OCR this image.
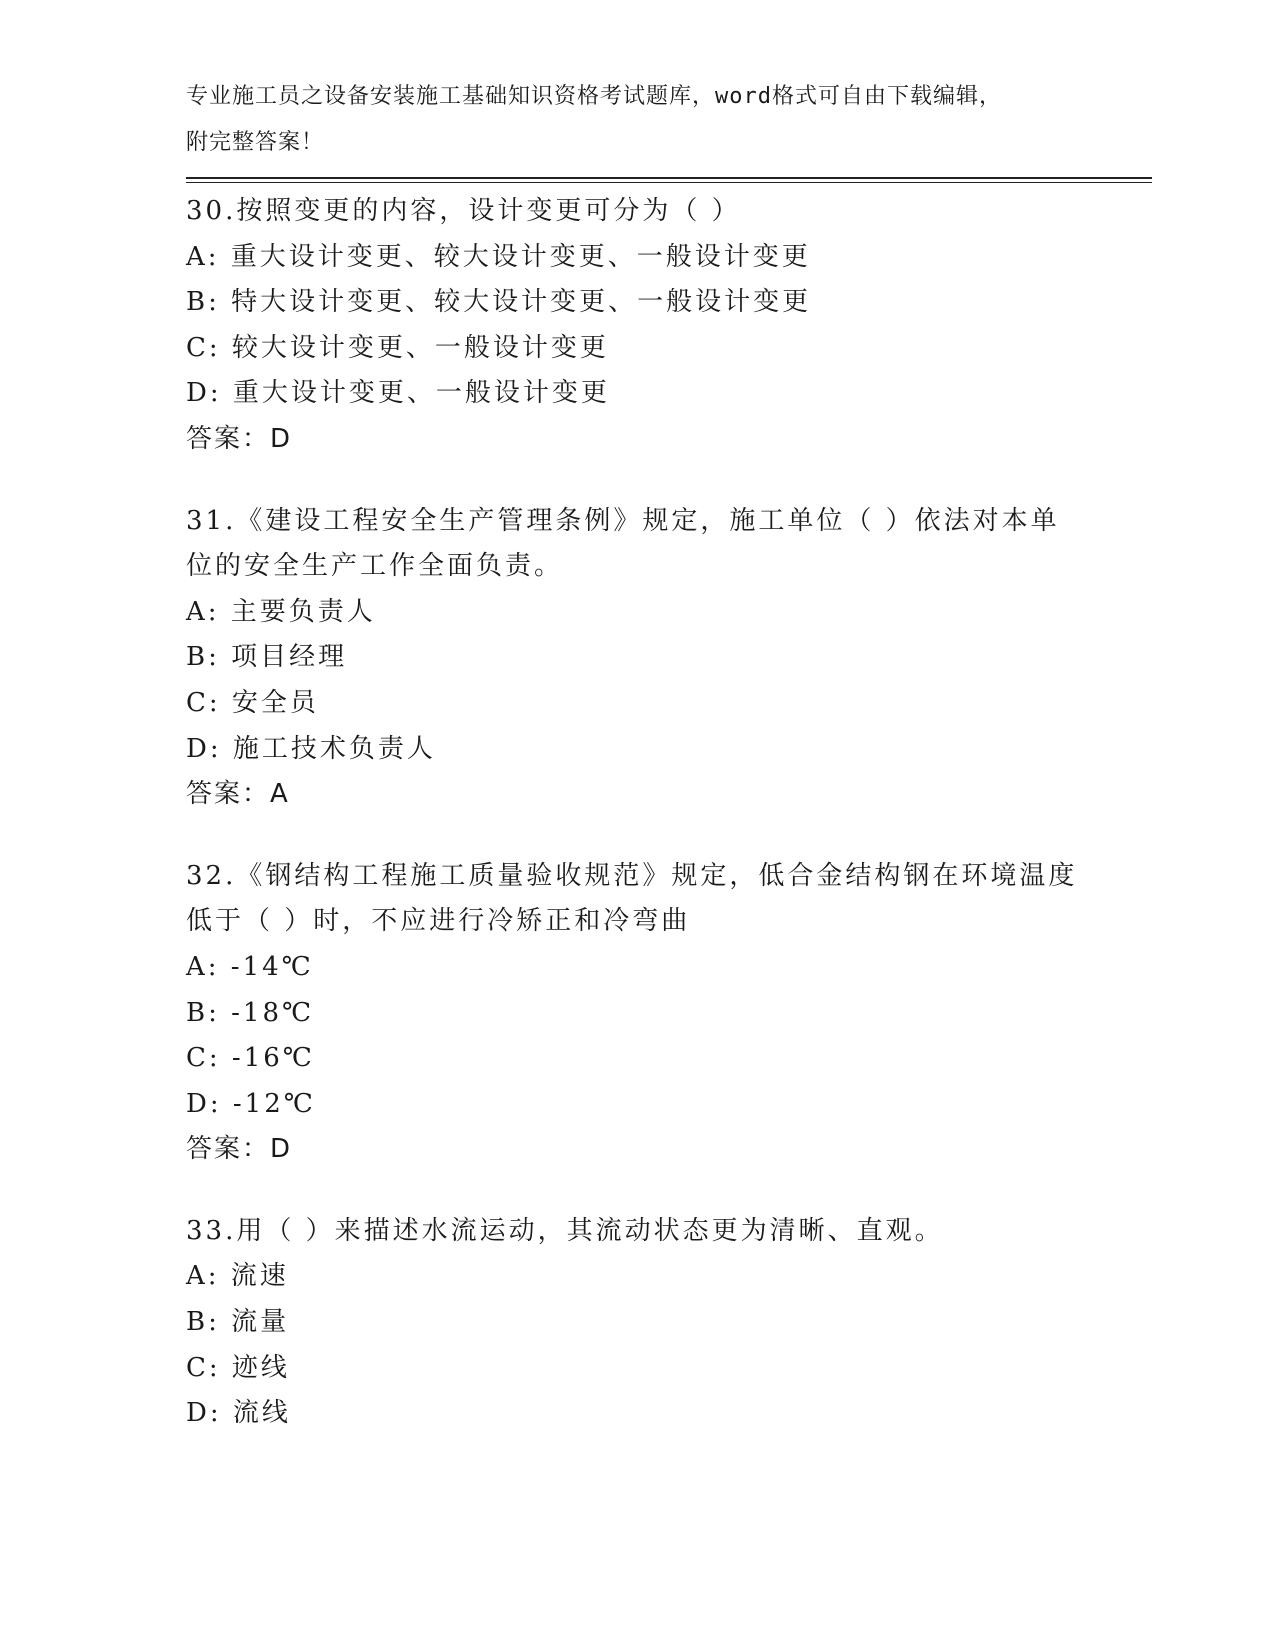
专业施工员之设备安装施工基础知识资格考试题库，word格式可自由下载编辑，
附完整答案！
30.按照变更的内容，设计变更可分为（ ）
A: 重大设计变更、较大设计变更、一般设计变更
B: 特大设计变更、较大设计变更、一般设计变更
C: 较大设计变更、一般设计变更
D: 重大设计变更、一般设计变更
答案：D
31.《建设工程安全生产管理条例》规定，施工单位（ ）依法对本单
位的安全生产工作全面负责。
A: 主要负责人
B: 项目经理
C: 安全员
D: 施工技术负责人
答案：A
32.《钢结构工程施工质量验收规范》规定，低合金结构钢在环境温度
低于（ ）时，不应进行冷矫正和冷弯曲
A: -14℃
B: -18℃
C: -16℃
D: -12℃
答案：D
33.用（ ）来描述水流运动，其流动状态更为清晰、直观。
A: 流速
B: 流量
C: 迹线
D: 流线
